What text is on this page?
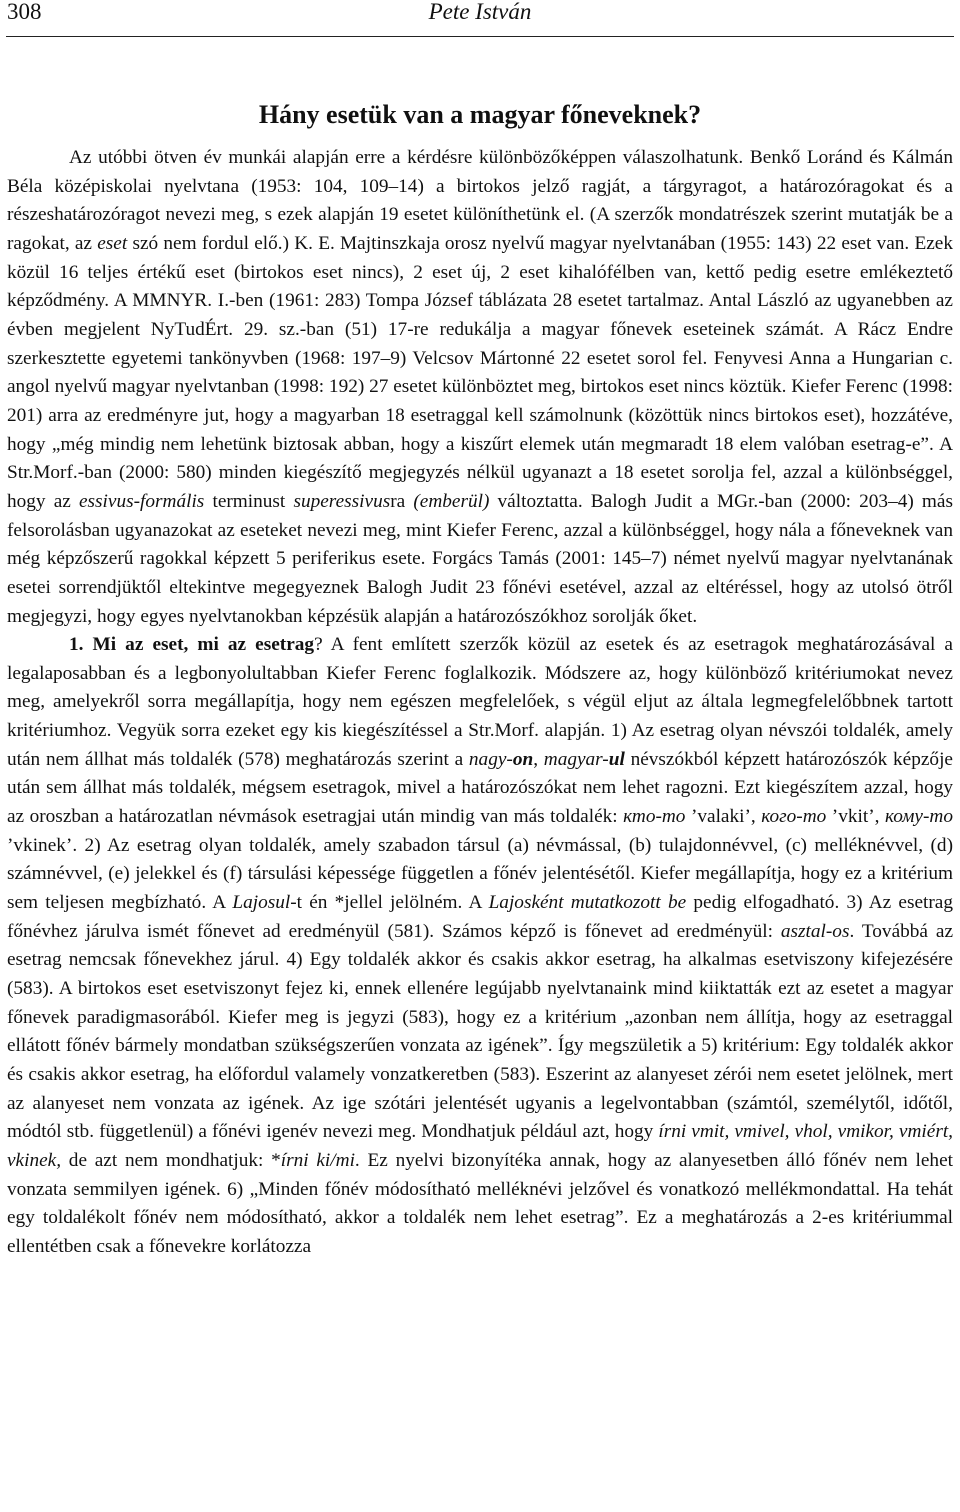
308	Pete István
Hány esetük van a magyar főneveknek?

Az utóbbi ötven év munkái alapján erre a kérdésre különbözőképpen válaszolhatunk. Benkő Loránd és Kálmán Béla középiskolai nyelvtana (1953: 104, 109–14) a birtokos jelző ragját, a tárgyragot, a határozóragokat és a részeshatározóragot nevezi meg, s ezek alapján 19 esetet különíthetünk el. (A szerzők mondatrészek szerint mutatják be a ragokat, az eset szó nem fordul elő.) K. E. Majtinszkaja orosz nyelvű magyar nyelvtanában (1955: 143) 22 eset van. Ezek közül 16 teljes értékű eset (birtokos eset nincs), 2 eset új, 2 eset kihalófélben van, kettő pedig esetre emlékeztető képződmény. A MMNYR. I.-ben (1961: 283) Tompa József táblázata 28 esetet tartalmaz. Antal László az ugyanebben az évben megjelent NyTudÉrt. 29. sz.-ban (51) 17-re redukálja a magyar főnevek eseteinek számát. A Rácz Endre szerkesztette egyetemi tankönyvben (1968: 197–9) Velcsov Mártonné 22 esetet sorol fel. Fenyvesi Anna a Hungarian c. angol nyelvű magyar nyelvtanban (1998: 192) 27 esetet különböztet meg, birtokos eset nincs köztük. Kiefer Ferenc (1998: 201) arra az eredményre jut, hogy a magyarban 18 esetraggal kell számolnunk (közöttük nincs birtokos eset), hozzátéve, hogy „még mindig nem lehetünk biztosak abban, hogy a kiszűrt elemek után megmaradt 18 elem valóban esetrag-e”. A Str.Morf.-ban (2000: 580) minden kiegészítő megjegyzés nélkül ugyanazt a 18 esetet sorolja fel, azzal a különbséggel, hogy az essivus-formális terminust superessivusra (emberül) változtatta. Balogh Judit a MGr.-ban (2000: 203–4) más felsorolásban ugyanazokat az eseteket nevezi meg, mint Kiefer Ferenc, azzal a különbséggel, hogy nála a főneveknek van még képzőszerű ragokkal képzett 5 periferikus esete. Forgács Tamás (2001: 145–7) német nyelvű magyar nyelvtanának esetei sorrendjüktől eltekintve megegyeznek Balogh Judit 23 főnévi esetével, azzal az eltéréssel, hogy az utolsó ötről megjegyzi, hogy egyes nyelvtanokban képzésük alapján a határozószókhoz sorolják őket.

1. Mi az eset, mi az esetrag? A fent említett szerzők közül az esetek és az esetragok meghatározásával a legalaposabban és a legbonyolultabban Kiefer Ferenc foglalkozik. Módszere az, hogy különböző kritériumokat nevez meg, amelyekről sorra megállapítja, hogy nem egészen megfelelőek, s végül eljut az általa legmegfelelőbbnek tartott kritériumhoz. Vegyük sorra ezeket egy kis kiegészítéssel a Str.Morf. alapján. 1) Az esetrag olyan névszói toldalék, amely után nem állhat más toldalék (578) meghatározás szerint a nagy-on, magyar-ul névszókból képzett határozószók képzője után sem állhat más toldalék, mégsem esetragok, mivel a határozószókat nem lehet ragozni. Ezt kiegészítem azzal, hogy az oroszban a határozatlan névmások esetragjai után mindig van más toldalék: кто-то ’valaki’, кого-то ’vkit’, кому-то ’vkinek’. 2) Az esetrag olyan toldalék, amely szabadon társul (a) névmással, (b) tulajdonnévvel, (c) melléknévvel, (d) számnévvel, (e) jelekkel és (f) társulási képessége független a főnév jelentésétől. Kiefer megállapítja, hogy ez a kritérium sem teljesen megbízható. A Lajosul-t én *jellel jelölném. A Lajosként mutatkozott be pedig elfogadható. 3) Az esetrag főnévhez járulva ismét főnevet ad eredményül (581). Számos képző is főnevet ad eredményül: asztal-os. Továbbá az esetrag nemcsak főnevekhez járul. 4) Egy toldalék akkor és csakis akkor esetrag, ha alkalmas esetviszony kifejezésére (583). A birtokos eset esetviszonyt fejez ki, ennek ellenére legújabb nyelvtanaink mind kiiktatták ezt az esetet a magyar főnevek paradigmasorából. Kiefer meg is jegyzi (583), hogy ez a kritérium „azonban nem állítja, hogy az esetraggal ellátott főnév bármely mondatban szükségszerűen vonzata az igének”. Így megszületik a 5) kritérium: Egy toldalék akkor és csakis akkor esetrag, ha előfordul valamely vonzatkeretben (583). Eszerint az alanyeset zérói nem esetet jelölnek, mert az alanyeset nem vonzata az igének. Az ige szótári jelentését ugyanis a legelvontabban (számtól, személytől, időtől, módtól stb. függetlenül) a főnévi igenév nevezi meg. Mondhatjuk például azt, hogy írni vmit, vmivel, vhol, vmikor, vmiért, vkinek, de azt nem mondhatjuk: *írni ki/mi. Ez nyelvi bizonyítéka annak, hogy az alanyesetben álló főnév nem lehet vonzata semmilyen igének. 6) „Minden főnév módosítható melléknévi jelzővel és vonatkozó mellékmondattal. Ha tehát egy toldalékolt főnév nem módosítható, akkor a toldalék nem lehet esetrag”. Ez a meghatározás a 2-es kritériummal ellentétben csak a főnevekre korlátozza
